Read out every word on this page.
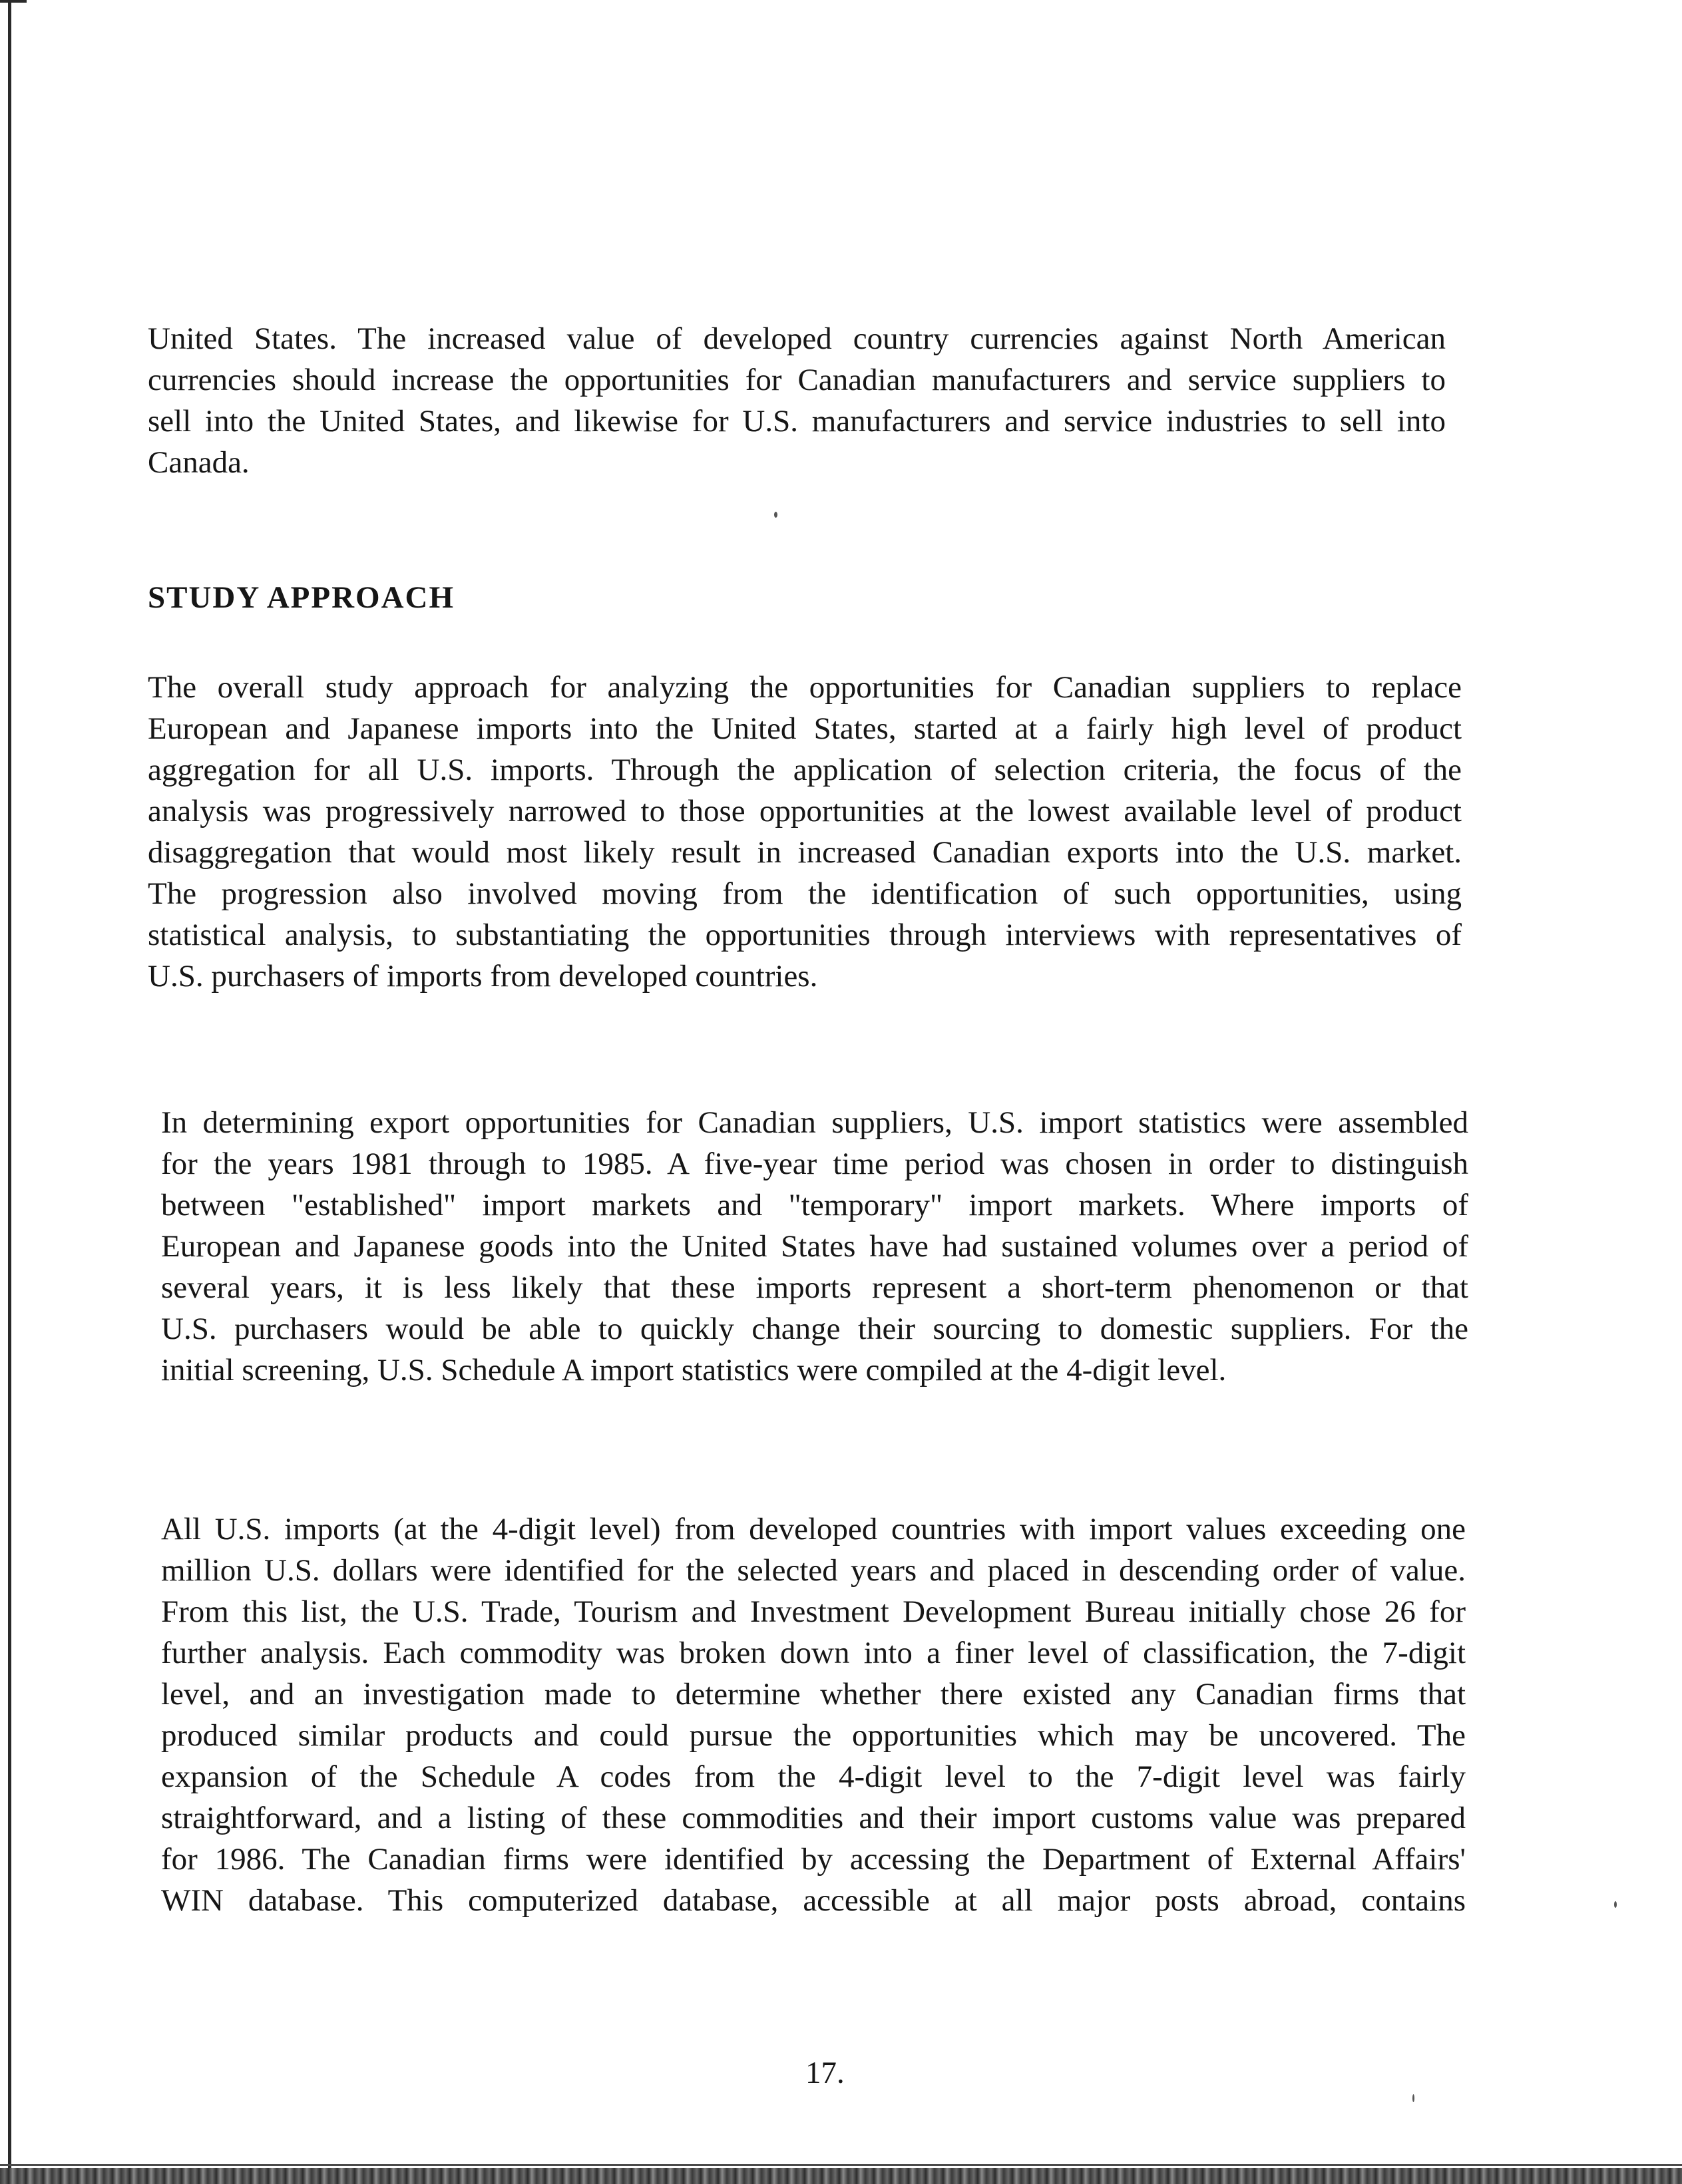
United States. The increased value of developed country currencies against North American
currencies should increase the opportunities for Canadian manufacturers and service suppliers to
sell into the United States, and likewise for U.S. manufacturers and service industries to sell into
Canada.
STUDY APPROACH
The overall study approach for analyzing the opportunities for Canadian suppliers to replace
European and Japanese imports into the United States, started at a fairly high level of product
aggregation for all U.S. imports. Through the application of selection criteria, the focus of the
analysis was progressively narrowed to those opportunities at the lowest available level of product
disaggregation that would most likely result in increased Canadian exports into the U.S. market.
The progression also involved moving from the identification of such opportunities, using
statistical analysis, to substantiating the opportunities through interviews with representatives of
U.S. purchasers of imports from developed countries.
In determining export opportunities for Canadian suppliers, U.S. import statistics were assembled
for the years 1981 through to 1985. A five-year time period was chosen in order to distinguish
between "established" import markets and "temporary" import markets. Where imports of
European and Japanese goods into the United States have had sustained volumes over a period of
several years, it is less likely that these imports represent a short-term phenomenon or that
U.S. purchasers would be able to quickly change their sourcing to domestic suppliers. For the
initial screening, U.S. Schedule A import statistics were compiled at the 4-digit level.
All U.S. imports (at the 4-digit level) from developed countries with import values exceeding one
million U.S. dollars were identified for the selected years and placed in descending order of value.
From this list, the U.S. Trade, Tourism and Investment Development Bureau initially chose 26 for
further analysis. Each commodity was broken down into a finer level of classification, the 7-digit
level, and an investigation made to determine whether there existed any Canadian firms that
produced similar products and could pursue the opportunities which may be uncovered. The
expansion of the Schedule A codes from the 4-digit level to the 7-digit level was fairly
straightforward, and a listing of these commodities and their import customs value was prepared
for 1986. The Canadian firms were identified by accessing the Department of External Affairs'
WIN database. This computerized database, accessible at all major posts abroad, contains
17.
